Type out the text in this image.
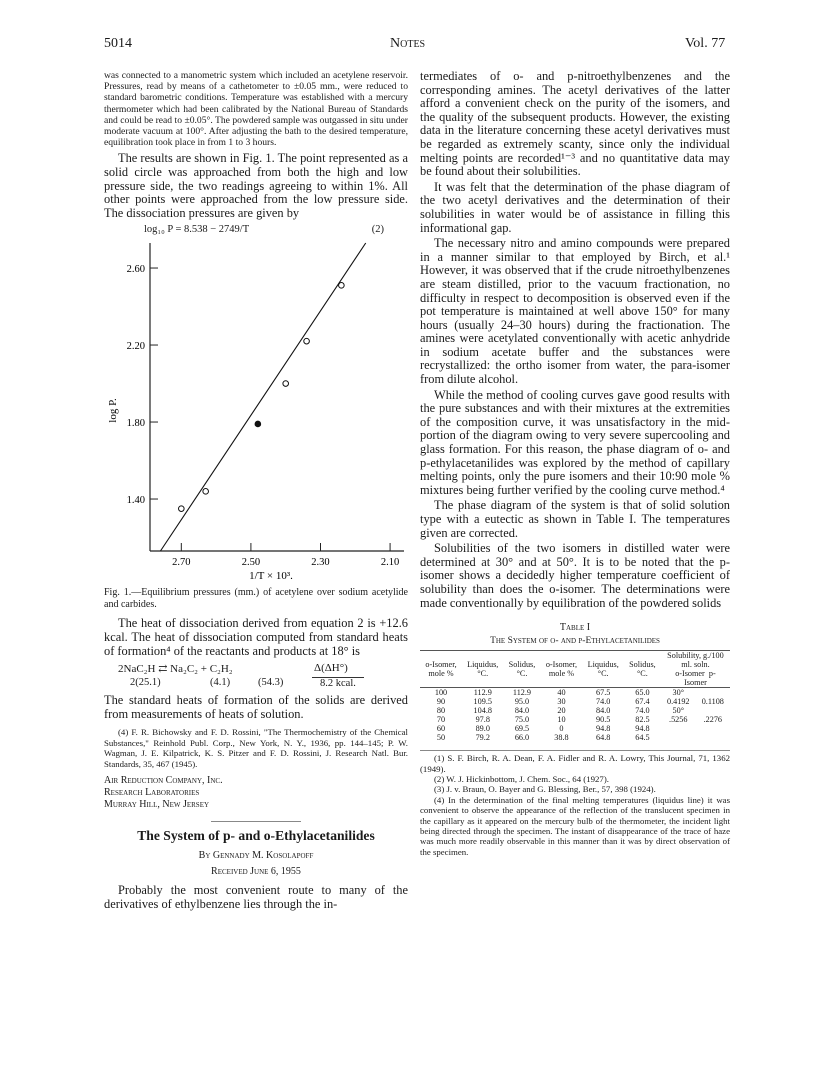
5014	Notes	Vol. 77

was connected to a manometric system which included an acetylene reservoir. Pressures, read by means of a cathetometer to ±0.05 mm., were reduced to standard barometric conditions. Temperature was established with a mercury thermometer which had been calibrated by the National Bureau of Standards and could be read to ±0.05°. The powdered sample was outgassed in situ under moderate vacuum at 100°. After adjusting the bath to the desired temperature, equilibration took place in from 1 to 3 hours.

The results are shown in Fig. 1. The point represented as a solid circle was approached from both the high and low pressure side, the two readings agreeing to within 1%. All other points were approached from the low pressure side. The dissociation pressures are given by

log₁₀ P = 8.538 − 2749/T	(2)
2.60
2.20
1.80
1.40
2.70	2.50	2.30	2.10
1/T × 10³.
log P.

Fig. 1.—Equilibrium pressures (mm.) of acetylene over sodium acetylide and carbides.

The heat of dissociation derived from equation 2 is +12.6 kcal. The heat of dissociation computed from standard heats of formation⁴ of the reactants and products at 18° is

2NaC₂H ⇄ Na₂C₂ + C₂H₂	Δ(ΔH°)
2(25.1)	(4.1)	(54.3)	8.2 kcal.

The standard heats of formation of the solids are derived from measurements of heats of solution.

(4) F. R. Bichowsky and F. D. Rossini, "The Thermochemistry of the Chemical Substances," Reinhold Publ. Corp., New York, N. Y., 1936, pp. 144–145; P. W. Wagman, J. E. Kilpatrick, K. S. Pitzer and F. D. Rossini, J. Research Natl. Bur. Standards, 35, 467 (1945).

Air Reduction Company, Inc.
Research Laboratories
Murray Hill, New Jersey
The System of p- and o-Ethylacetanilides
By Gennady M. Kosolapoff
Received June 6, 1955

Probably the most convenient route to many of the derivatives of ethylbenzene lies through the in-

termediates of o- and p-nitroethylbenzenes and the corresponding amines. The acetyl derivatives of the latter afford a convenient check on the purity of the isomers, and the quality of the subsequent products. However, the existing data in the literature concerning these acetyl derivatives must be regarded as extremely scanty, since only the individual melting points are recorded¹⁻³ and no quantitative data may be found about their solubilities.

It was felt that the determination of the phase diagram of the two acetyl derivatives and the determination of their solubilities in water would be of assistance in filling this informational gap.

The necessary nitro and amino compounds were prepared in a manner similar to that employed by Birch, et al.¹ However, it was observed that if the crude nitroethylbenzenes are steam distilled, prior to the vacuum fractionation, no difficulty in respect to decomposition is observed even if the pot temperature is maintained at well above 150° for many hours (usually 24–30 hours) during the fractionation. The amines were acetylated conventionally with acetic anhydride in sodium acetate buffer and the substances were recrystallized: the ortho isomer from water, the para-isomer from dilute alcohol.

While the method of cooling curves gave good results with the pure substances and with their mixtures at the extremities of the composition curve, it was unsatisfactory in the mid-portion of the diagram owing to very severe supercooling and glass formation. For this reason, the phase diagram of o- and p-ethylacetanilides was explored by the method of capillary melting points, only the pure isomers and their 10:90 mole % mixtures being further verified by the cooling curve method.⁴

The phase diagram of the system is that of solid solution type with a eutectic as shown in Table I. The temperatures given are corrected.

Solubilities of the two isomers in distilled water were determined at 30° and at 50°. It is to be noted that the p-isomer shows a decidedly higher temperature coefficient of solubility than does the o-isomer. The determinations were made conventionally by equilibration of the powdered solids

Table I
The System of o- and p-Ethylacetanilides
o-Isomer, mole %	Liquidus, °C.	Solidus, °C.	o-Isomer, mole %	Liquidus, °C.	Solidus, °C.	Solubility, g./100 ml. soln.
o-Isomer p-Isomer	

100	112.9	112.9	40	67.5	65.0	30°	
90	109.5	95.0	30	74.0	67.4	0.4192	0.1108
80	104.8	84.0	20	84.0	74.0	50°	
70	97.8	75.0	10	90.5	82.5	.5256	.2276
60	89.0	69.5	0	94.8	94.8		
50	79.2	66.0	38.8	64.8	64.5		

(1) S. F. Birch, R. A. Dean, F. A. Fidler and R. A. Lowry, This Journal, 71, 1362 (1949).

(2) W. J. Hickinbottom, J. Chem. Soc., 64 (1927).

(3) J. v. Braun, O. Bayer and G. Blessing, Ber., 57, 398 (1924).

(4) In the determination of the final melting temperatures (liquidus line) it was convenient to observe the appearance of the reflection of the translucent specimen in the capillary as it appeared on the mercury bulb of the thermometer, the incident light being directed through the specimen. The instant of disappearance of the trace of haze was much more readily observable in this manner than it was by direct observation of the specimen.
